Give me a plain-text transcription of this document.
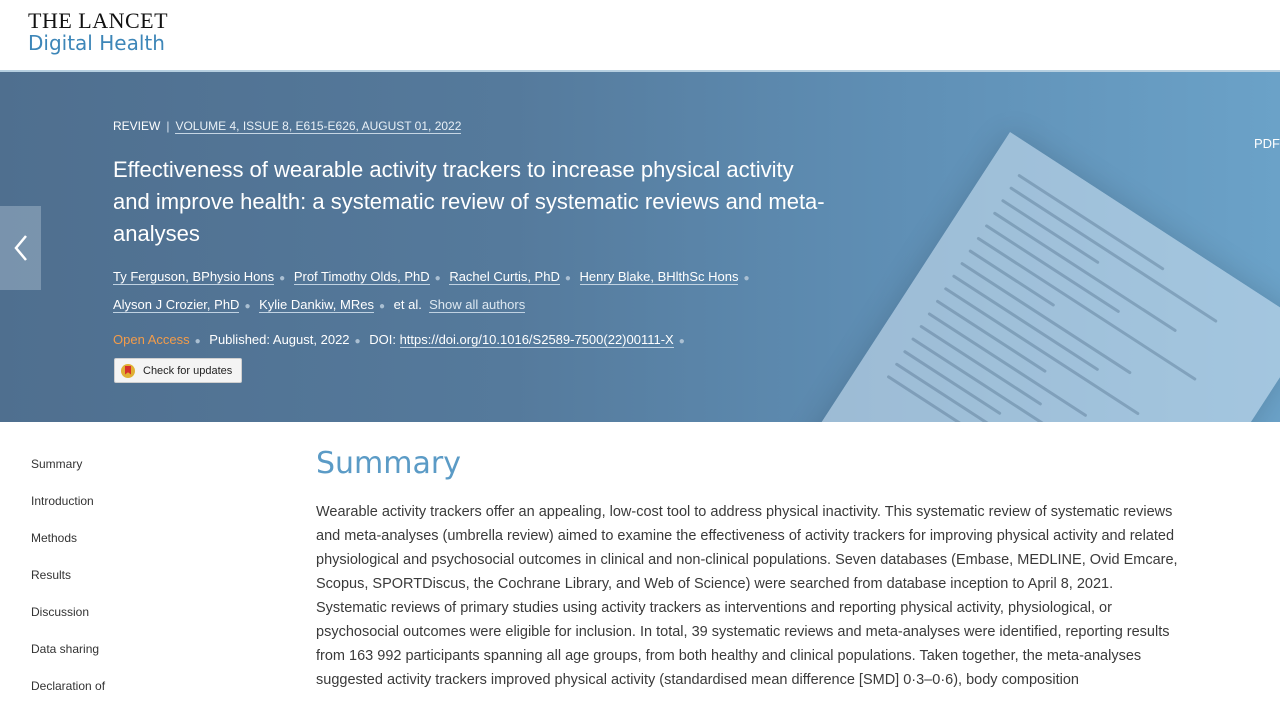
THE LANCET
Digital Health
PDF
REVIEW | VOLUME 4, ISSUE 8, E615-E626, AUGUST 01, 2022
Effectiveness of wearable activity trackers to increase physical activity and improve health: a systematic review of systematic reviews and meta-analyses
Ty Ferguson, BPhysio Hons ● Prof Timothy Olds, PhD ● Rachel Curtis, PhD ● Henry Blake, BHlthSc Hons ●
Alyson J Crozier, PhD ● Kylie Dankiw, MRes ● et al. Show all authors
Open Access ● Published: August, 2022 ● DOI: https://doi.org/10.1016/S2589-7500(22)00111-X ●
Check for updates
Summary
Introduction
Methods
Results
Discussion
Data sharing
Declaration of
Summary
Wearable activity trackers offer an appealing, low-cost tool to address physical inactivity. This systematic review of systematic reviews and meta-analyses (umbrella review) aimed to examine the effectiveness of activity trackers for improving physical activity and related physiological and psychosocial outcomes in clinical and non-clinical populations. Seven databases (Embase, MEDLINE, Ovid Emcare, Scopus, SPORTDiscus, the Cochrane Library, and Web of Science) were searched from database inception to April 8, 2021. Systematic reviews of primary studies using activity trackers as interventions and reporting physical activity, physiological, or psychosocial outcomes were eligible for inclusion. In total, 39 systematic reviews and meta-analyses were identified, reporting results from 163 992 participants spanning all age groups, from both healthy and clinical populations. Taken together, the meta-analyses suggested activity trackers improved physical activity (standardised mean difference [SMD] 0·3–0·6), body composition
